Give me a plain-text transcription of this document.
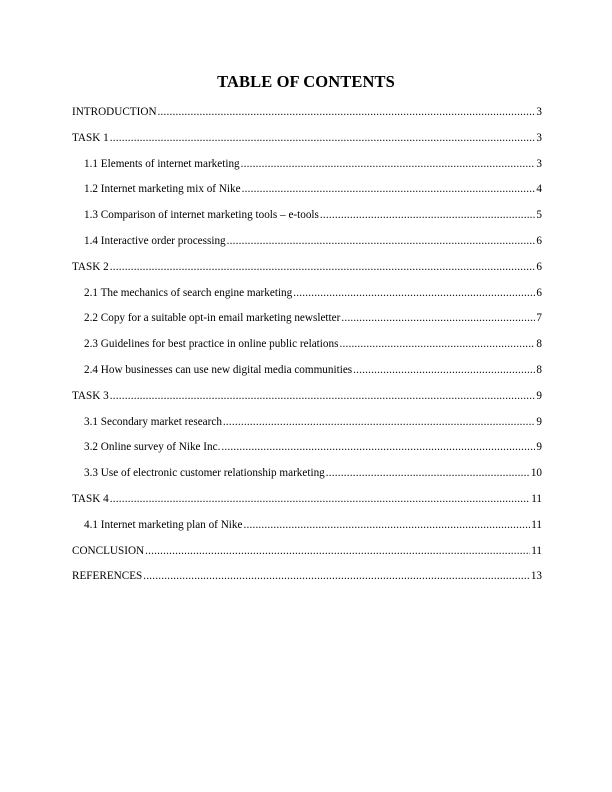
TABLE OF CONTENTS
INTRODUCTION .....	3
TASK 1 .....	3
1.1 Elements of internet marketing .....	3
1.2 Internet marketing mix of Nike .....	4
1.3 Comparison of internet marketing tools – e-tools .....	5
1.4 Interactive order processing .....	6
TASK 2 .....	6
2.1 The mechanics of search engine marketing .....	6
2.2 Copy for a suitable opt-in email marketing newsletter .....	7
2.3 Guidelines for best practice in online public relations .....	8
2.4 How businesses can use new digital media communities .....	8
TASK 3 .....	9
3.1 Secondary market research .....	9
3.2 Online survey of Nike Inc. .....	9
3.3 Use of electronic customer relationship marketing .....	10
TASK 4 .....	11
4.1 Internet marketing plan of Nike .....	11
CONCLUSION .....	11
REFERENCES .....	13
